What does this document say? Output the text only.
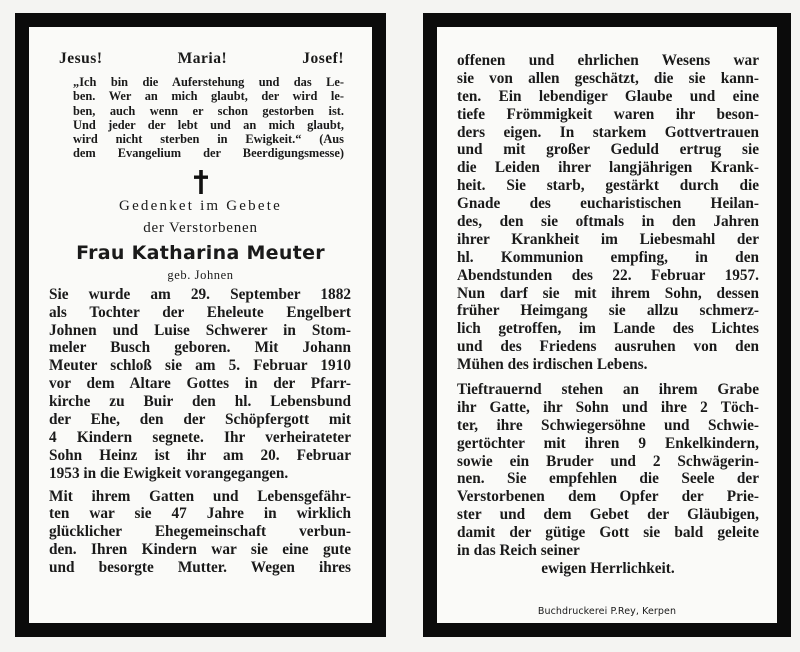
Jesus!	Maria!	Josef!
„Ich bin die Auferstehung und das Le-
ben. Wer an mich glaubt, der wird le-
ben, auch wenn er schon gestorben ist.
Und jeder der lebt und an mich glaubt,
wird nicht sterben in Ewigkeit.“ (Aus
dem Evangelium der Beerdigungsmesse)
Gedenket im Gebete
der Verstorbenen
Frau Katharina Meuter
geb. Johnen
Sie wurde am 29. September 1882
als Tochter der Eheleute Engelbert
Johnen und Luise Schwerer in Stom-
meler Busch geboren. Mit Johann
Meuter schloß sie am 5. Februar 1910
vor dem Altare Gottes in der Pfarr-
kirche zu Buir den hl. Lebensbund
der Ehe, den der Schöpfergott mit
4 Kindern segnete. Ihr verheirateter
Sohn Heinz ist ihr am 20. Februar
1953 in die Ewigkeit vorangegangen.
Mit ihrem Gatten und Lebensgefähr-
ten war sie 47 Jahre in wirklich
glücklicher Ehegemeinschaft verbun-
den. Ihren Kindern war sie eine gute
und besorgte Mutter. Wegen ihres
offenen und ehrlichen Wesens war
sie von allen geschätzt, die sie kann-
ten. Ein lebendiger Glaube und eine
tiefe Frömmigkeit waren ihr beson-
ders eigen. In starkem Gottvertrauen
und mit großer Geduld ertrug sie
die Leiden ihrer langjährigen Krank-
heit. Sie starb, gestärkt durch die
Gnade des eucharistischen Heilan-
des, den sie oftmals in den Jahren
ihrer Krankheit im Liebesmahl der
hl. Kommunion empfing, in den
Abendstunden des 22. Februar 1957.
Nun darf sie mit ihrem Sohn, dessen
früher Heimgang sie allzu schmerz-
lich getroffen, im Lande des Lichtes
und des Friedens ausruhen von den
Mühen des irdischen Lebens.
Tieftrauernd stehen an ihrem Grabe
ihr Gatte, ihr Sohn und ihre 2 Töch-
ter, ihre Schwiegersöhne und Schwie-
gertöchter mit ihren 9 Enkelkindern,
sowie ein Bruder und 2 Schwägerin-
nen. Sie empfehlen die Seele der
Verstorbenen dem Opfer der Prie-
ster und dem Gebet der Gläubigen,
damit der gütige Gott sie bald geleite
in das Reich seiner
ewigen Herrlichkeit.
Buchdruckerei P.Rey, Kerpen
